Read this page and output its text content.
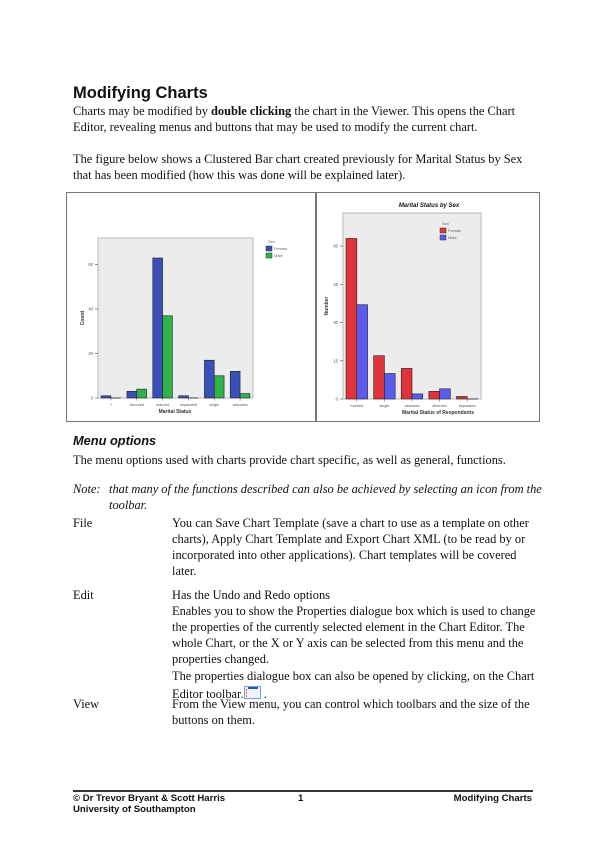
Modifying Charts

Charts may be modified by double clicking the chart in the Viewer. This opens the Chart Editor, revealing menus and buttons that may be used to modify the current chart.

The figure below shows a Clustered Bar chart created previously for Marital Status by Sex that has been modified (how this was done will be explained later).

0
20
40
60
?	divorced	married	separated	single	widowed
Marital Status
Count
Sex
Female
Male
0
15
30
45
60
married	single	widowed	divorced	separated
Marital Status of Respondents
Number
Marital Status by Sex
Sex
Female
Male
Menu options

The menu options used with charts provide chart specific, as well as general, functions.

Note: that many of the functions described can also be achieved by selecting an icon from the toolbar.
File	You can Save Chart Template (save a chart to use as a template on other charts), Apply Chart Template and Export Chart XML (to be read by or incorporated into other applications). Chart templates will be covered later.
Edit	Has the Undo and Redo options
Enables you to show the Properties dialogue box which is used to change the properties of the currently selected element in the Chart Editor. The whole Chart, or the X or Y axis can be selected from this menu and the properties changed.
The properties dialogue box can also be opened by clicking, on the Chart Editor toolbar.
.
View	From the View menu, you can control which toolbars and the size of the buttons on them.
© Dr Trevor Bryant & Scott Harris
University of Southampton
1	Modifying Charts
